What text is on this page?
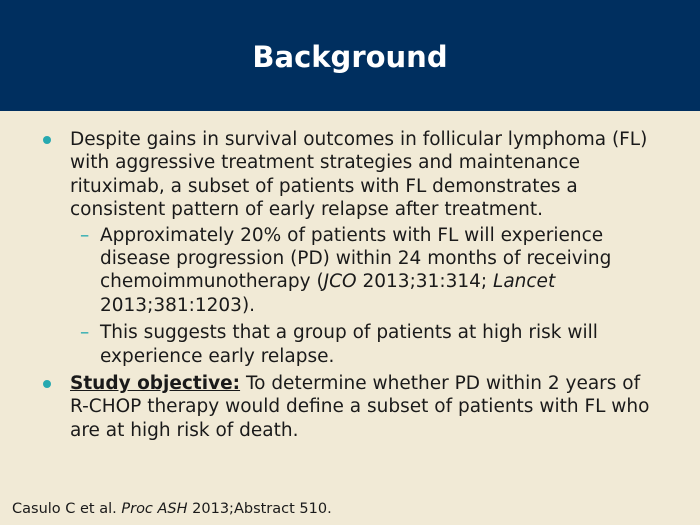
Background
Despite gains in survival outcomes in follicular lymphoma (FL) with aggressive treatment strategies and maintenance rituximab, a subset of patients with FL demonstrates a consistent pattern of early relapse after treatment.
– Approximately 20% of patients with FL will experience disease progression (PD) within 24 months of receiving chemoimmunotherapy (JCO 2013;31:314; Lancet 2013;381:1203).
– This suggests that a group of patients at high risk will experience early relapse.
Study objective: To determine whether PD within 2 years of R-CHOP therapy would define a subset of patients with FL who are at high risk of death.
Casulo C et al. Proc ASH 2013;Abstract 510.
